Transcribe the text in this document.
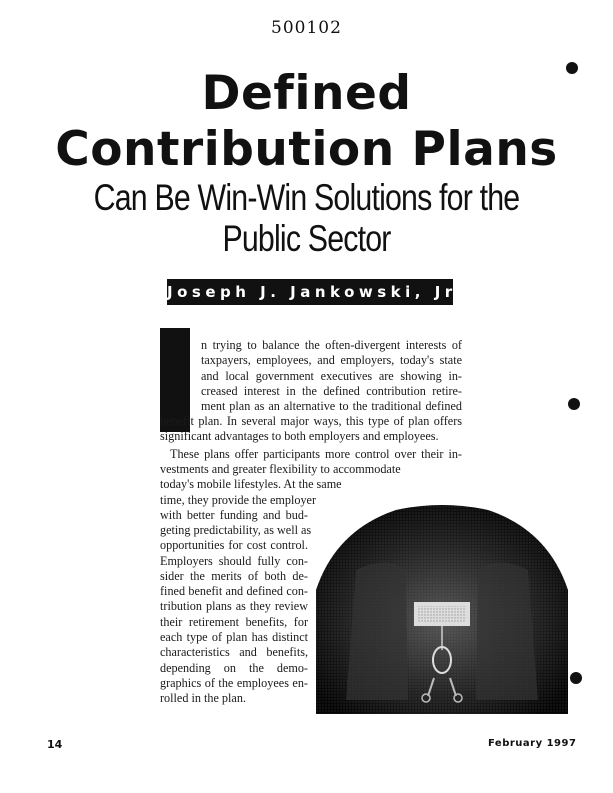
500102
Defined
Contribution Plans
Can Be Win-Win Solutions for the
Public Sector
Joseph J. Jankowski, Jr.
n trying to balance the often-divergent interests of
taxpayers, employees, and employers, today's state
and local government executives are showing in-
creased interest in the defined contribution retire-
ment plan as an alternative to the traditional defined
benefit plan. In several major ways, this type of plan offers
significant advantages to both employers and employees.
These plans offer participants more control over their in-
vestments and greater flexibility to accommodate
today's mobile lifestyles. At the same
time, they provide the employer
with better funding and bud-
geting predictability, as well as
opportunities for cost control.
Employers should fully con-
sider the merits of both de-
fined benefit and defined con-
tribution plans as they review
their retirement benefits, for
each type of plan has distinct
characteristics and benefits,
depending on the demo-
graphics of the employees en-
rolled in the plan.
14	February 1997
